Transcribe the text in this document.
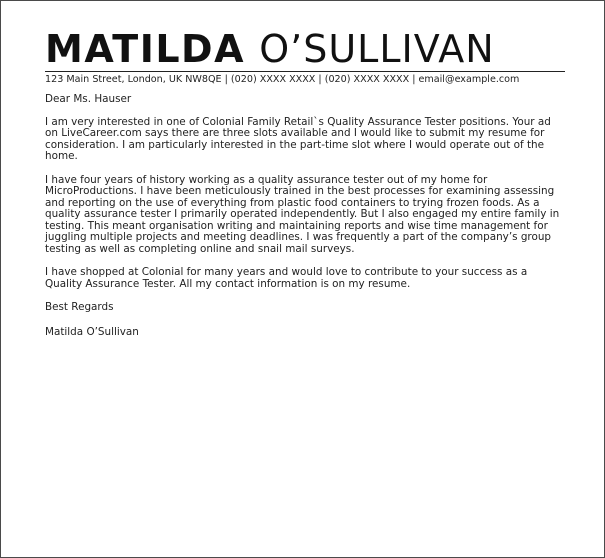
MATILDA O’SULLIVAN
123 Main Street, London, UK NW8QE | (020) XXXX XXXX | (020) XXXX XXXX | email@example.com

Dear Ms. Hauser

I am very interested in one of Colonial Family Retail`s Quality Assurance Tester positions. Your ad on LiveCareer.com says there are three slots available and I would like to submit my resume for consideration. I am particularly interested in the part-time slot where I would operate out of the home.

I have four years of history working as a quality assurance tester out of my home for MicroProductions. I have been meticulously trained in the best processes for examining assessing and reporting on the use of everything from plastic food containers to trying frozen foods. As a quality assurance tester I primarily operated independently. But I also engaged my entire family in testing. This meant organisation writing and maintaining reports and wise time management for juggling multiple projects and meeting deadlines. I was frequently a part of the company’s group testing as well as completing online and snail mail surveys.

I have shopped at Colonial for many years and would love to contribute to your success as a Quality Assurance Tester. All my contact information is on my resume.

Best Regards

Matilda O’Sullivan
